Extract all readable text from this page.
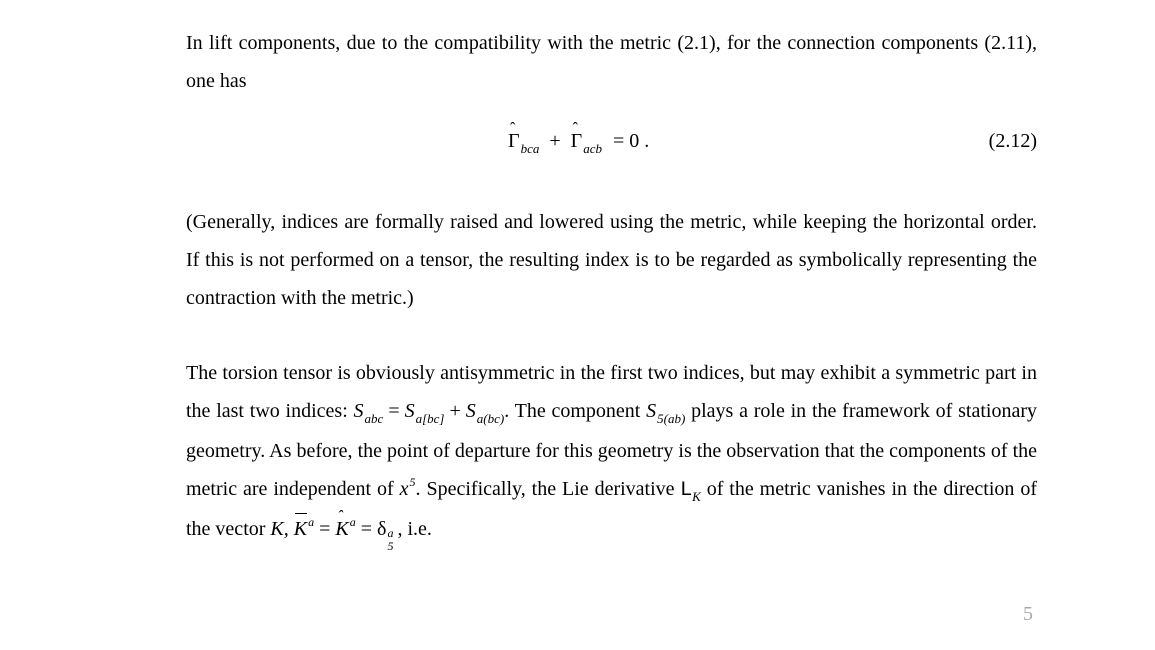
In lift components, due to the compatibility with the metric (2.1), for the connection components (2.11), one has

ˆ $\Gamma_{bca}$ + ˆ $\Gamma_{acb} = 0$ .	(2.12)

(Generally, indices are formally raised and lowered using the metric, while keeping the horizontal order. If this is not performed on a tensor, the resulting index is to be regarded as symbolically representing the contraction with the metric.)

The torsion tensor is obviously antisymmetric in the first two indices, but may exhibit a symmetric part in the last two indices: $S_{abc} = S_{a[bc]} + S_{a(bc)}$. The component $S_{5(ab)}$ plays a role in the framework of stationary geometry. As before, the point of departure for this geometry is the observation that the components of the metric are independent of $x^5$. Specifically, the Lie derivative $L_K$ of the metric vanishes in the direction of the vector K, $K^a$ = ˆ $K^a = \delta$ a
5
, i.e.

5
